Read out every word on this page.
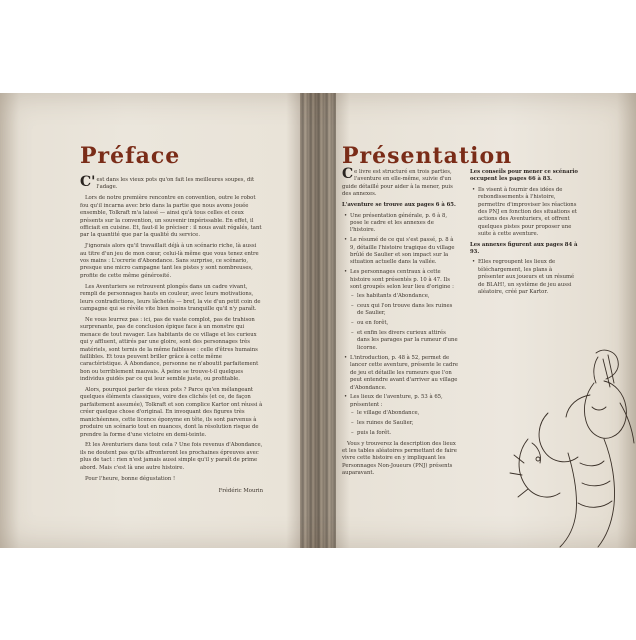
Préface

C'est dans les vieux pots qu'on fait les meilleures soupes, dit l'adage.

Lors de notre première rencontre en convention, outre le robot fou qu'il incarna avec brio dans la partie que nous avons jouée ensemble, Tolkraft m'a laissé — ainsi qu'à tous celles et ceux présents sur la convention, un souvenir impérissable. En effet, il officiait en cuisine. Et, faut-il le préciser : il nous avait régalés, tant par la quantité que par la qualité du service.

J'ignorais alors qu'il travaillait déjà à un scénario riche, là aussi au titre d'un jeu de mon cœur, celui-là même que vous tenez entre vos mains : L'ocrerie d'Abondance. Sans surprise, ce scénario, presque une micro campagne tant les pistes y sont nombreuses, profite de cette même générosité.

Les Aventuriers se retrouvent plongés dans un cadre vivant, rempli de personnages hauts en couleur, avec leurs motivations, leurs contradictions, leurs lâchetés — bref, la vie d'un petit coin de campagne qui se révèle vite bien moins tranquille qu'il n'y paraît.

Ne vous leurrez pas : ici, pas de vaste complot, pas de trahison surprenante, pas de conclusion épique face à un monstre qui menace de tout ravager. Les habitants de ce village et les curieux qui y affluent, attirés par une gloire, sont des personnages très matériels, sont ternis de la même faiblesse : celle d'êtres humains faillibles. Et tous peuvent briller grâce à cette même caractéristique. À Abondance, personne ne n'aboutit parfaitement bon ou terriblement mauvais. À peine se trouve-t-il quelques individus guidés par ce qui leur semble juste, ou profitable.

Alors, pourquoi parler de vieux pots ? Parce qu'en mélangeant quelques éléments classiques, voire des clichés (et ce, de façon parfaitement assumée), Tolkraft et son complice Kartor ont réussi à créer quelque chose d'original. En invoquant des figures très manichéennes, cette licence éponyme en tête, ils sont parvenus à produire un scénario tout en nuances, dont la résolution risque de prendre la forme d'une victoire en demi-teinte.

Et les Aventuriers dans tout cela ? Une fois revenus d'Abondance, ils ne doutent pas qu'ils affronteront les prochaines épreuves avec plus de tact : rien n'est jamais aussi simple qu'il y paraît de prime abord. Mais c'est là une autre histoire.

Pour l'heure, bonne dégustation !

Frédéric Mourin
Présentation

Ce livre est structuré en trois parties, l'aventure en elle-même, suivie d'un guide détaillé pour aider à la mener, puis des annexes.

L'aventure se trouve aux pages 6 à 65.
• Une présentation générale, p. 6 à 8, pose le cadre et les annexes de l'histoire.
• Le résumé de ce qui s'est passé, p. 8 à 9, détaille l'histoire tragique du village brûlé de Saulier et son impact sur la situation actuelle dans la vallée.
• Les personnages centraux à cette histoire sont présentés p. 10 à 47. Ils sont groupés selon leur lieu d'origine :
– les habitants d'Abondance,
– ceux qui l'on trouve dans les ruines de Saulier,
– ou en forêt,
– et enfin les divers curieux attirés dans les parages par la rumeur d'une licorne.
• L'introduction, p. 48 à 52, permet de lancer cette aventure, présente le cadre de jeu et détaille les rumeurs que l'on peut entendre avant d'arriver au village d'Abondance.
• Les lieux de l'aventure, p. 53 à 65, présentent :
– le village d'Abondance,
– les ruines de Saulier,
– puis la forêt.

Vous y trouverez la description des lieux et les tables aléatoires permettant de faire vivre cette histoire en y impliquant les Personnages Non-Joueurs (PNJ) présents auparavant.

Les conseils pour mener ce scénario occupent les pages 66 à 83.
• Ils visent à fournir des idées de rebondissements à l'histoire, permettre d'improviser les réactions des PNJ en fonction des situations et actions des Aventuriers, et offrent quelques pistes pour proposer une suite à cette aventure.
Les annexes figurent aux pages 84 à 93.
• Elles regroupent les lieux de téléchargement, les plans à présenter aux joueurs et un résumé de BLAH!, un système de jeu aussi aléatoire, créé par Kartor.
